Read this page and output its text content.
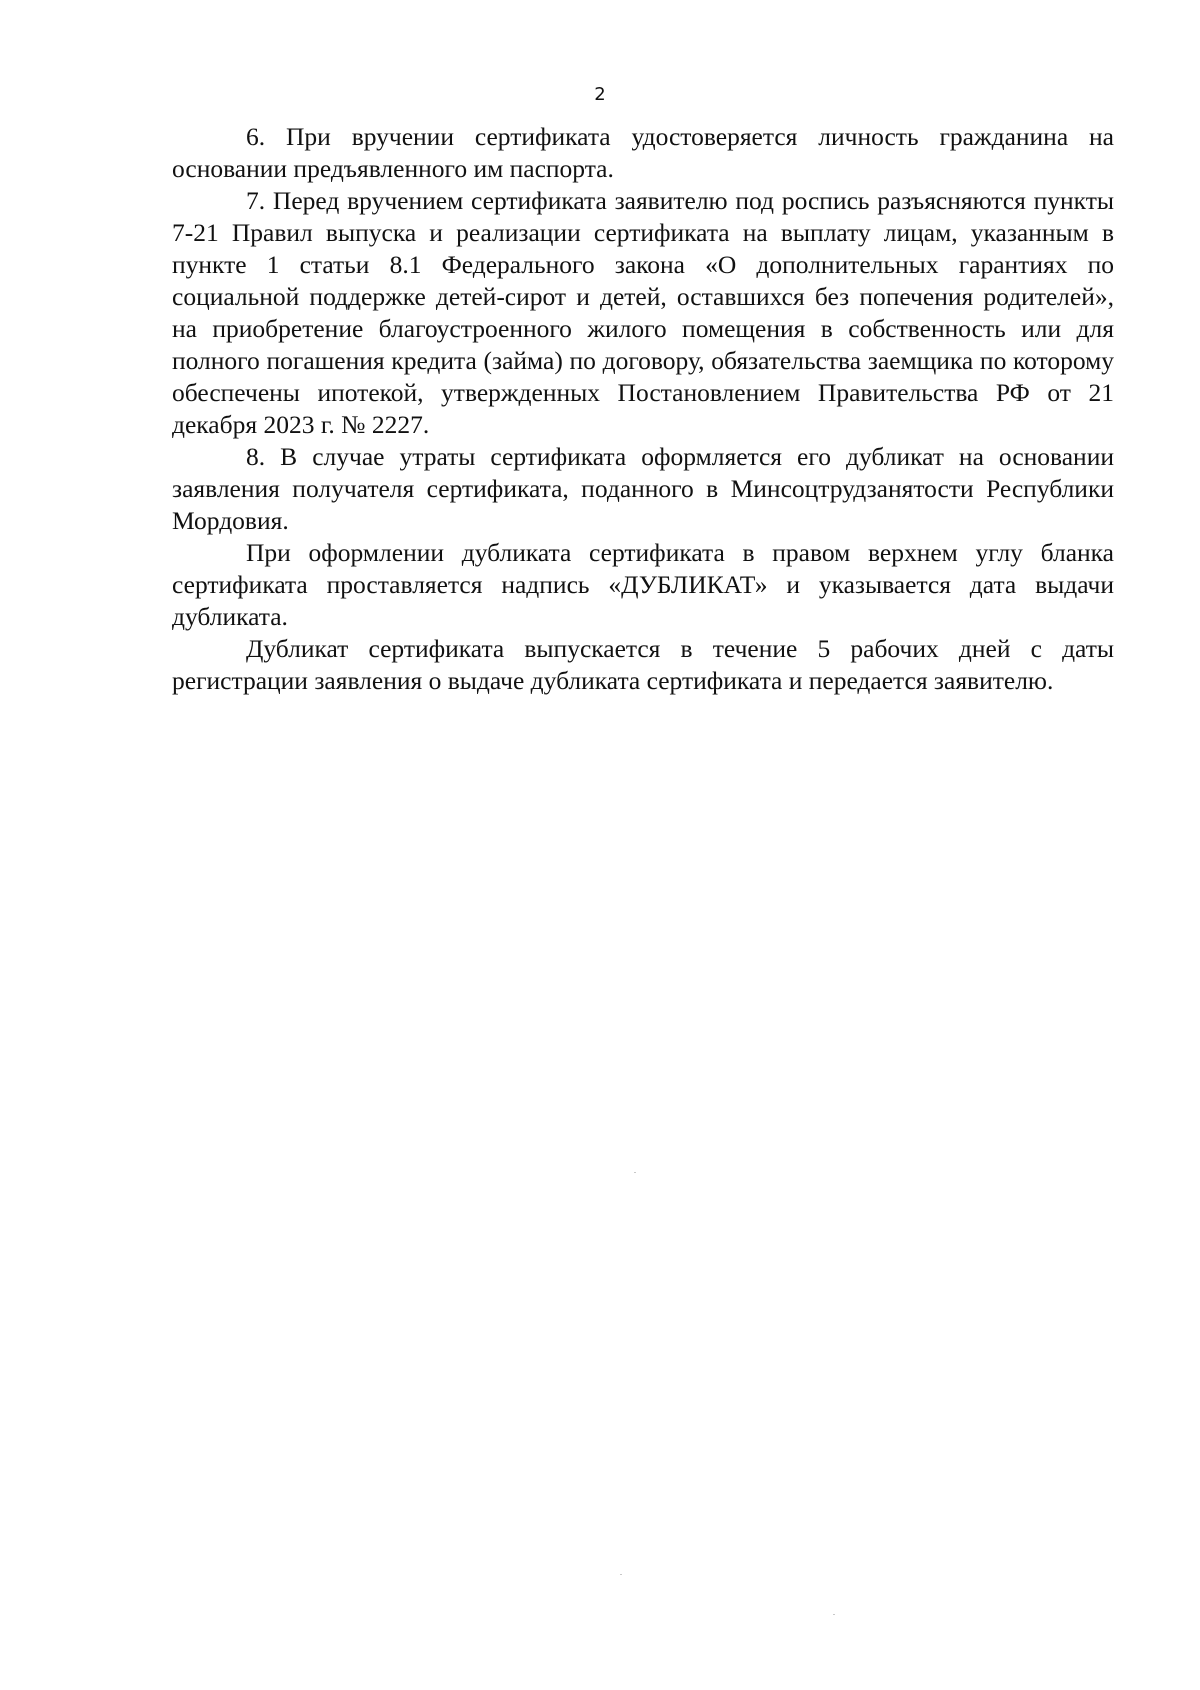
2

6. При вручении сертификата удостоверяется личность гражданина на основании предъявленного им паспорта.

7. Перед вручением сертификата заявителю под роспись разъясняются пункты 7-21 Правил выпуска и реализации сертификата на выплату лицам, указанным в пункте 1 статьи 8.1 Федерального закона «О дополнительных гарантиях по социальной поддержке детей-сирот и детей, оставшихся без попечения родителей», на приобретение благоустроенного жилого помещения в собственность или для полного погашения кредита (займа) по договору, обязательства заемщика по которому обеспечены ипотекой, утвержденных Постановлением Правительства РФ от 21 декабря 2023 г. № 2227.

8. В случае утраты сертификата оформляется его дубликат на основании заявления получателя сертификата, поданного в Минсоцтрудзанятости Республики Мордовия.

При оформлении дубликата сертификата в правом верхнем углу бланка сертификата проставляется надпись «ДУБЛИКАТ» и указывается дата выдачи дубликата.

Дубликат сертификата выпускается в течение 5 рабочих дней с даты регистрации заявления о выдаче дубликата сертификата и передается заявителю.
